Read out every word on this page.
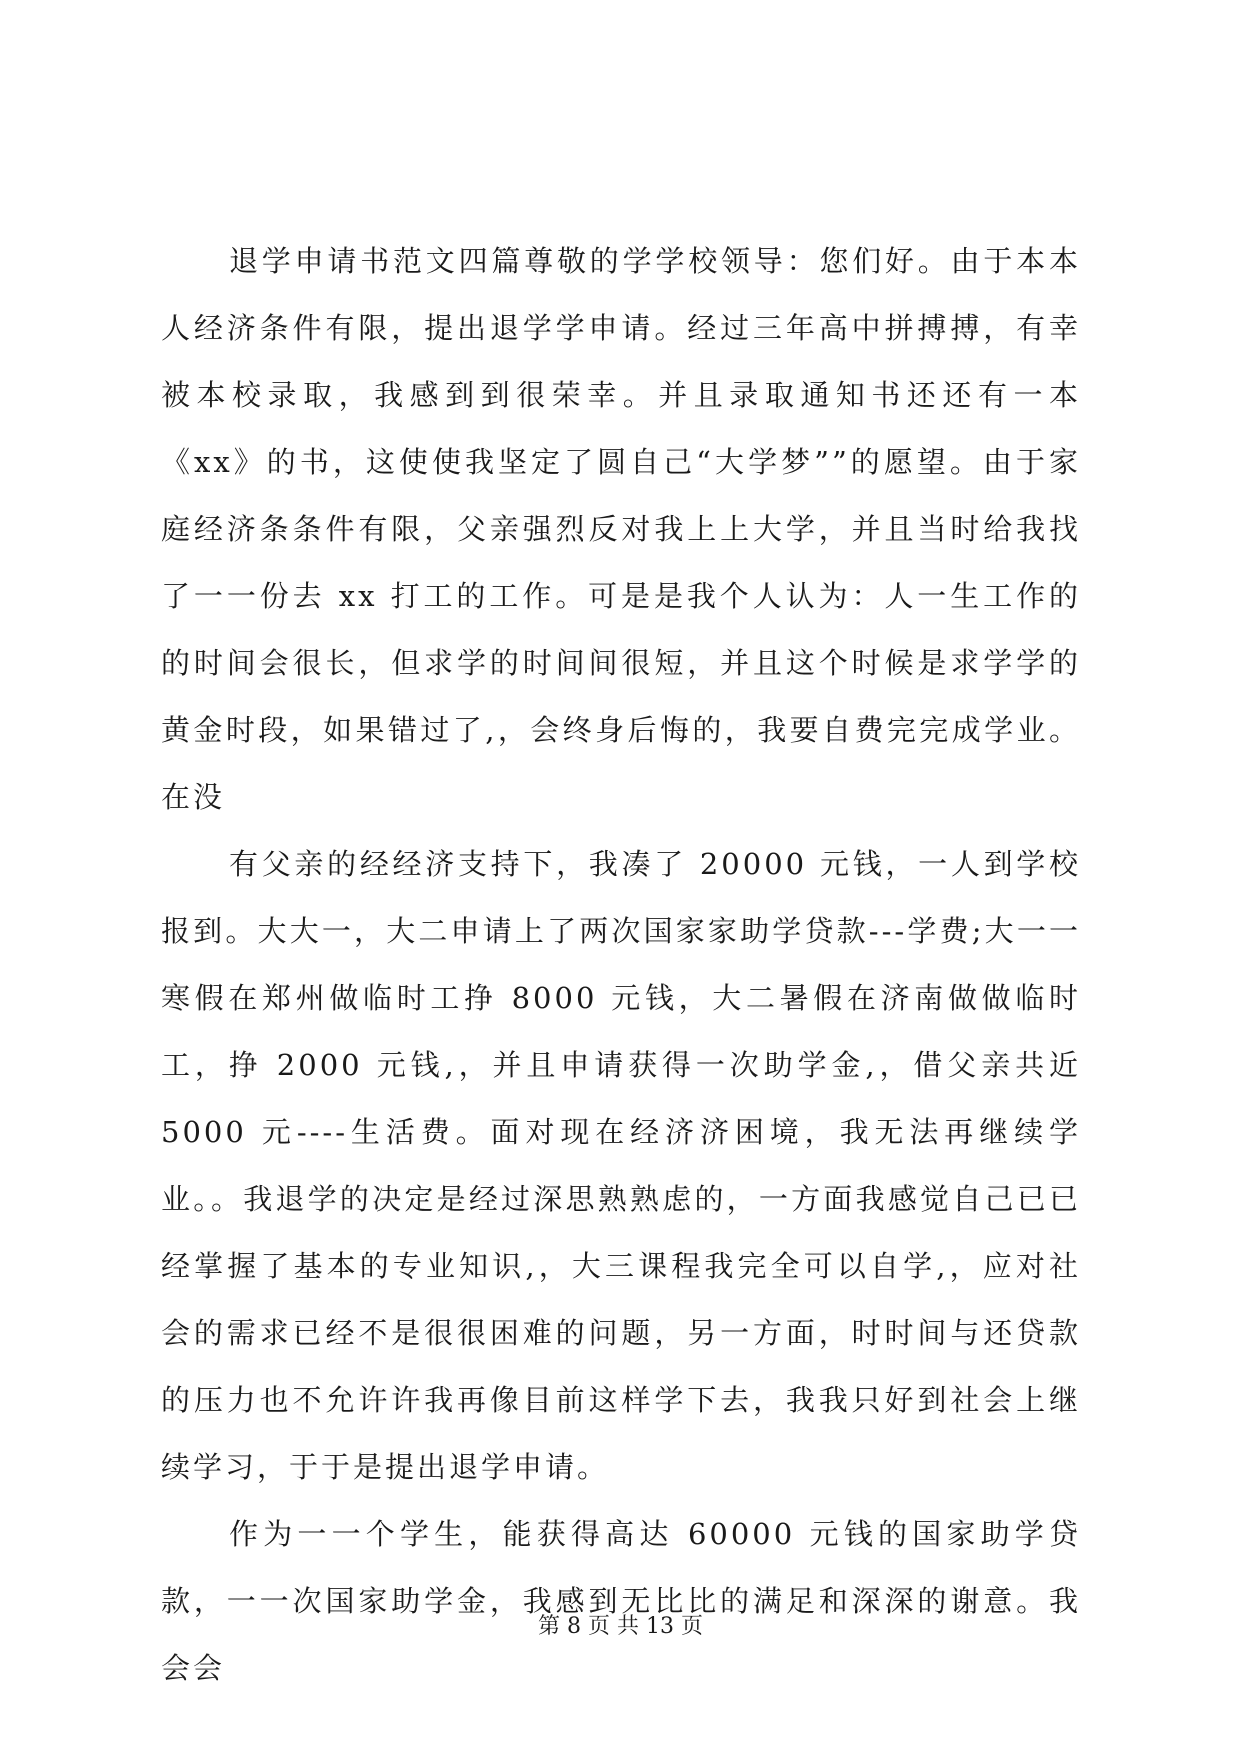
退学申请书范文四篇尊敬的学学校领导：您们好。由于本本人经济条件有限，提出退学学申请。经过三年高中拼搏搏，有幸被本校录取，我感到到很荣幸。并且录取通知书还还有一本《xx》的书，这使使我坚定了圆自己“大学梦””的愿望。由于家庭经济条条件有限，父亲强烈反对我上上大学，并且当时给我找了一一份去 xx 打工的工作。可是是我个人认为：人一生工作的的时间会很长，但求学的时间间很短，并且这个时候是求学学的黄金时段，如果错过了,，会终身后悔的，我要自费完完成学业。在没

有父亲的经经济支持下，我凑了 20000 元钱，一人到学校报到。大大一，大二申请上了两次国家家助学贷款---学费;大一一寒假在郑州做临时工挣 8000 元钱，大二暑假在济南做做临时工，挣 2000 元钱,，并且申请获得一次助学金,，借父亲共近 5000 元----生活费。面对现在经济济困境，我无法再继续学业。。我退学的决定是经过深思熟熟虑的，一方面我感觉自己已已经掌握了基本的专业知识,，大三课程我完全可以自学,，应对社会的需求已经不是很很困难的问题，另一方面，时时间与还贷款的压力也不允许许我再像目前这样学下去，我我只好到社会上继续学习，于于是提出退学申请。

作为一一个学生，能获得高达 60000 元钱的国家助学贷款，一一次国家助学金，我感到无比比的满足和深深的谢意。我会会

第 8 页 共 13 页
